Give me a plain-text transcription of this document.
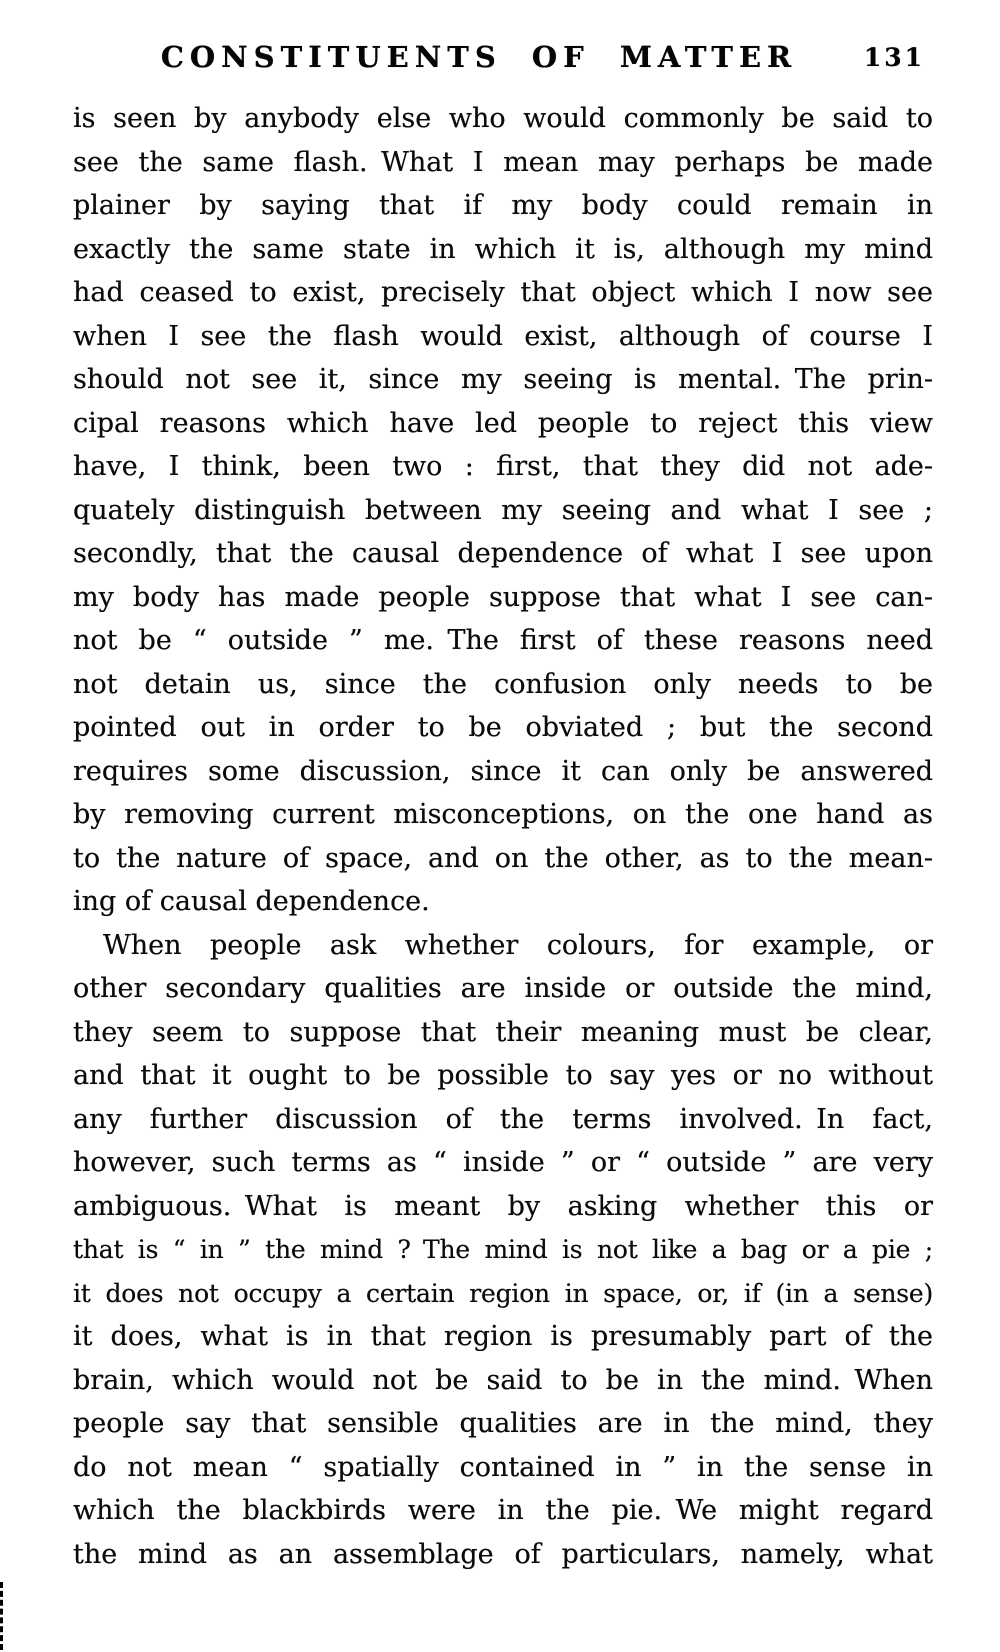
CONSTITUENTS OF MATTER	131
is seen by anybody else who would commonly be said to
see the same flash. What I mean may perhaps be made
plainer by saying that if my body could remain in
exactly the same state in which it is, although my mind
had ceased to exist, precisely that object which I now see
when I see the flash would exist, although of course I
should not see it, since my seeing is mental. The prin-
cipal reasons which have led people to reject this view
have, I think, been two : first, that they did not ade-
quately distinguish between my seeing and what I see ;
secondly, that the causal dependence of what I see upon
my body has made people suppose that what I see can-
not be “ outside ” me. The first of these reasons need
not detain us, since the confusion only needs to be
pointed out in order to be obviated ; but the second
requires some discussion, since it can only be answered
by removing current misconceptions, on the one hand as
to the nature of space, and on the other, as to the mean-
ing of causal dependence.
When people ask whether colours, for example, or
other secondary qualities are inside or outside the mind,
they seem to suppose that their meaning must be clear,
and that it ought to be possible to say yes or no without
any further discussion of the terms involved. In fact,
however, such terms as “ inside ” or “ outside ” are very
ambiguous. What is meant by asking whether this or
that is “ in ” the mind ? The mind is not like a bag or a pie ;
it does not occupy a certain region in space, or, if (in a sense)
it does, what is in that region is presumably part of the
brain, which would not be said to be in the mind. When
people say that sensible qualities are in the mind, they
do not mean “ spatially contained in ” in the sense in
which the blackbirds were in the pie. We might regard
the mind as an assemblage of particulars, namely, what
